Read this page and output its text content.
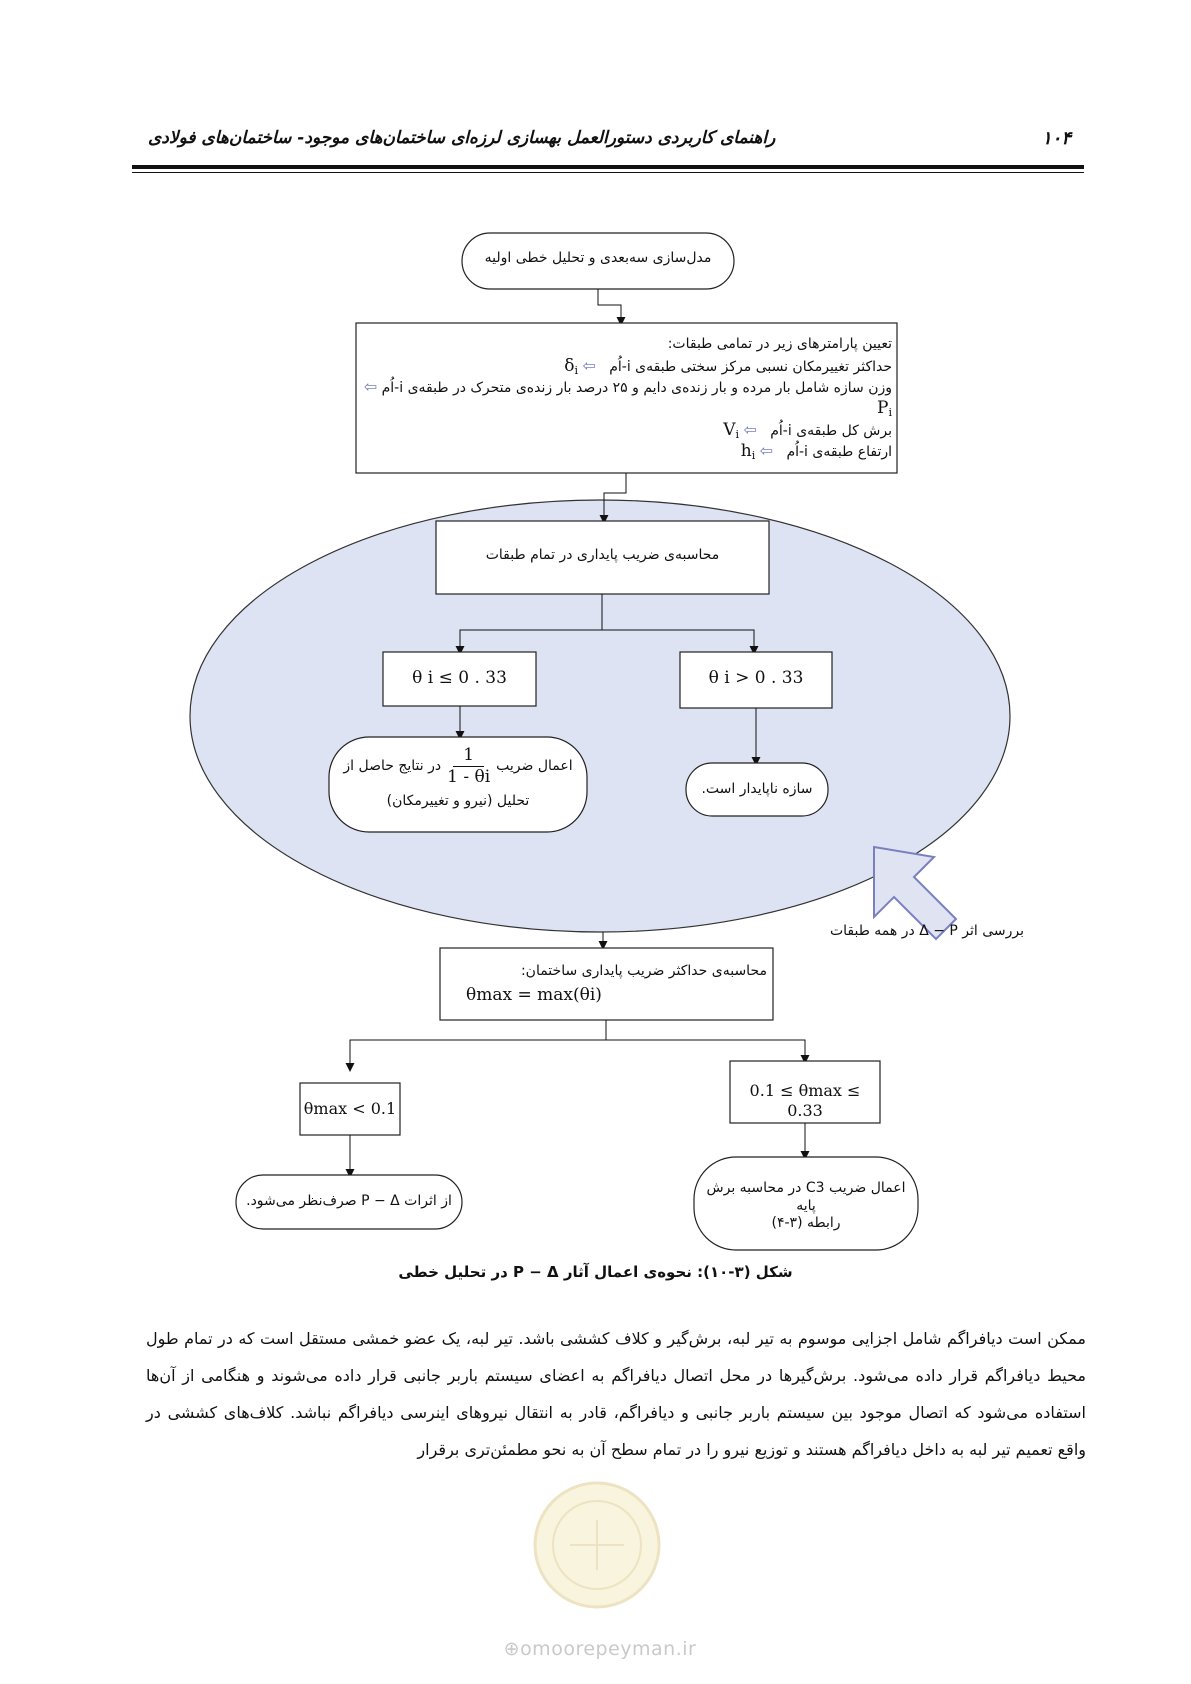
۱۰۴
راهنمای کاربردی دستورالعمل بهسازی لرزه‌ای ساختمان‌های موجود- ساختمان‌های فولادی
مدل‌سازی سه‌بعدی و تحلیل خطی اولیه
تعیین پارامترهای زیر در تمامی طبقات:
حداکثر تغییرمکان نسبی مرکز سختی طبقه‌ی i-اُم   ⇦ $\delta_i$
وزن سازه شامل بار مرده و بار زنده‌ی دایم و ۲۵ درصد بار زنده‌ی متحرک در طبقه‌ی i-اُم ⇦ $P_i$
برش کل طبقه‌ی i-اُم   ⇦ $V_i$
ارتفاع طبقه‌ی i-اُم   ⇦ $h_i$
محاسبه‌ی ضریب پایداری در تمام طبقات
θ i ≤ 0 . 33	θ i > 0 . 33
اعمال ضریب
$\frac{1}{1 - \theta i}$
در نتایج حاصل از
تحلیل (نیرو و تغییرمکان)
سازه ناپایدار است.
بررسی اثر Δ − P در همه طبقات
محاسبه‌ی حداکثر ضریب پایداری ساختمان:
θmax = max(θi)
0.1 ≤ θmax ≤ 0.33
θmax < 0.1
اعمال ضریب C3 در محاسبه برش پایه
رابطه (۳-۴)
از اثرات P − Δ صرف‌نظر می‌شود.
شکل (۳-۱۰): نحوه‌ی اعمال آثار P − Δ در تحلیل خطی
ممکن است دیافراگم شامل اجزایی موسوم به تیر لبه، برش‌گیر و کلاف کششی باشد. تیر لبه، یک عضو خمشی مستقل است که در تمام طول محیط دیافراگم قرار داده می‌شود. برش‌گیرها در محل اتصال دیافراگم به اعضای سیستم باربر جانبی قرار داده می‌شوند و هنگامی از آن‌ها استفاده می‌شود که اتصال موجود بین سیستم باربر جانبی و دیافراگم، قادر به انتقال نیروهای اینرسی دیافراگم نباشد. کلاف‌های کششی در واقع تعمیم تیر لبه به داخل دیافراگم هستند و توزیع نیرو را در تمام سطح آن به نحو مطمئن‌تری برقرار
⊕omoorepeyman.ir
